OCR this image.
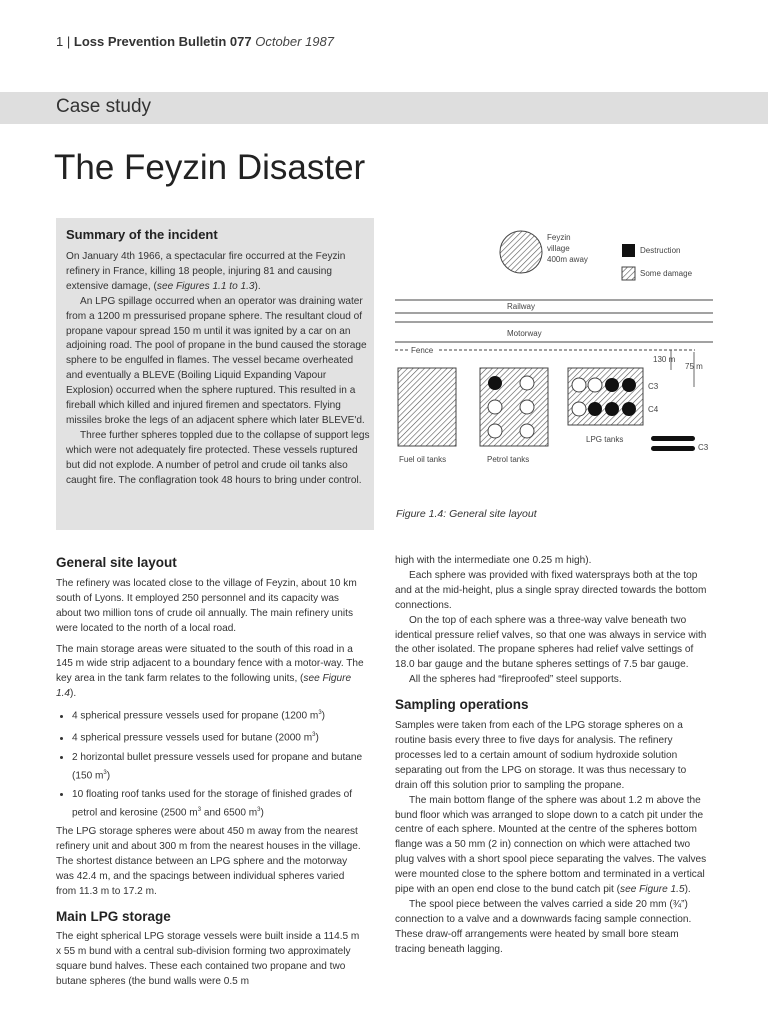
1 | Loss Prevention Bulletin 077 October 1987
Case study
The Feyzin Disaster
Summary of the incident

On January 4th 1966, a spectacular fire occurred at the Feyzin refinery in France, killing 18 people, injuring 81 and causing extensive damage, (see Figures 1.1 to 1.3).

An LPG spillage occurred when an operator was draining water from a 1200 m pressurised propane sphere. The resultant cloud of propane vapour spread 150 m until it was ignited by a car on an adjoining road. The pool of propane in the bund caused the storage sphere to be engulfed in flames. The vessel became overheated and eventually a BLEVE (Boiling Liquid Expanding Vapour Explosion) occurred when the sphere ruptured. This resulted in a fireball which killed and injured firemen and spectators. Flying missiles broke the legs of an adjacent sphere which later BLEVE'd.

Three further spheres toppled due to the collapse of support legs which were not adequately fire protected. These vessels ruptured but did not explode. A number of petrol and crude oil tanks also caught fire. The conflagration took 48 hours to bring under control.

Feyzin
village
400m away
Destruction
Some damage
Railway
Motorway
Fence
130 m
75 m
Fuel oil tanks	Petrol tanks
C3
C4
LPG tanks
C3
Figure 1.4: General site layout
General site layout

The refinery was located close to the village of Feyzin, about 10 km south of Lyons. It employed 250 personnel and its capacity was about two million tons of crude oil annually. The main refinery units were located to the north of a local road.

The main storage areas were situated to the south of this road in a 145 m wide strip adjacent to a boundary fence with a motor-way. The key area in the tank farm relates to the following units, (see Figure 1.4).

• 4 spherical pressure vessels used for propane (1200 $m^3$)
• 4 spherical pressure vessels used for butane (2000 $m^3$)
• 2 horizontal bullet pressure vessels used for propane and butane (150 $m^3$)
• 10 floating roof tanks used for the storage of finished grades of petrol and kerosine (2500 $m^3$ and 6500 $m^3$)

The LPG storage spheres were about 450 m away from the nearest refinery unit and about 300 m from the nearest houses in the village. The shortest distance between an LPG sphere and the motorway was 42.4 m, and the spacings between individual spheres varied from 11.3 m to 17.2 m.

Main LPG storage

The eight spherical LPG storage vessels were built inside a 114.5 m x 55 m bund with a central sub-division forming two approximately square bund halves. These each contained two propane and two butane spheres (the bund walls were 0.5 m

high with the intermediate one 0.25 m high).

Each sphere was provided with fixed watersprays both at the top and at the mid-height, plus a single spray directed towards the bottom connections.

On the top of each sphere was a three-way valve beneath two identical pressure relief valves, so that one was always in service with the other isolated. The propane spheres had relief valve settings of 18.0 bar gauge and the butane spheres settings of 7.5 bar gauge.

All the spheres had “fireproofed” steel supports.

Sampling operations

Samples were taken from each of the LPG storage spheres on a routine basis every three to five days for analysis. The refinery processes led to a certain amount of sodium hydroxide solution separating out from the LPG on storage. It was thus necessary to drain off this solution prior to sampling the propane.

The main bottom flange of the sphere was about 1.2 m above the bund floor which was arranged to slope down to a catch pit under the centre of each sphere. Mounted at the centre of the spheres bottom flange was a 50 mm (2 in) connection on which were attached two plug valves with a short spool piece separating the valves. The valves were mounted close to the sphere bottom and terminated in a vertical pipe with an open end close to the bund catch pit (see Figure 1.5).

The spool piece between the valves carried a side 20 mm (¾”) connection to a valve and a downwards facing sample connection. These draw-off arrangements were heated by small bore steam tracing beneath lagging.
